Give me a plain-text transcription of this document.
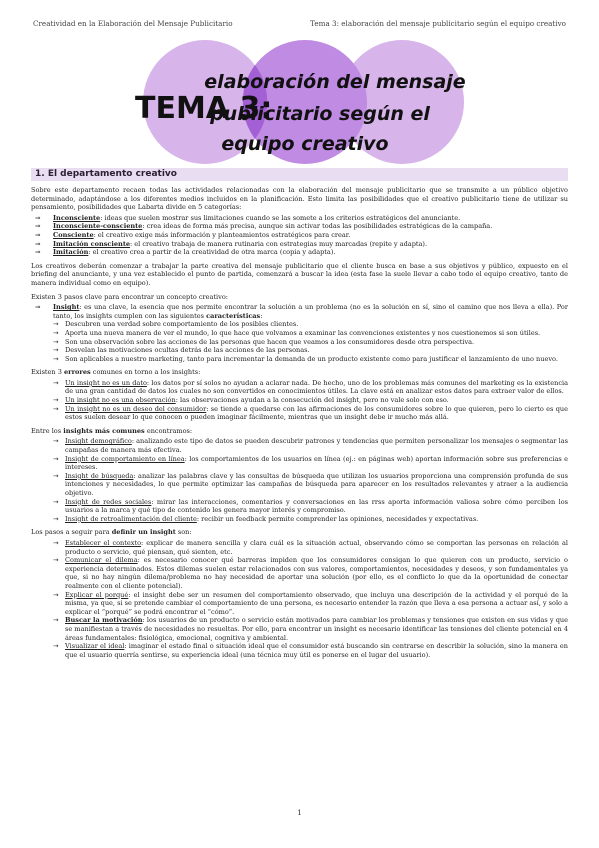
Creatividad en la Elaboración del Mensaje Publicitario	Tema 3: elaboración del mensaje publicitario según el equipo creativo
TEMA 3:
elaboración del mensaje
publicitario según el
equipo creativo
1. El departamento creativo

Sobre este departamento recaen todas las actividades relacionadas con la elaboración del mensaje publicitario que se transmite a un público objetivo determinado, adaptándose a los diferentes medios incluidos en la planificación. Esto limita las posibilidades que el creativo publicitario tiene de utilizar su pensamiento, posibilidades que Labarta divide en 5 categorías:

⇒ Inconsciente: ideas que suelen mostrar sus limitaciones cuando se las somete a los criterios estratégicos del anunciante.
⇒ Inconsciente-consciente: crea ideas de forma más precisa, aunque sin activar todas las posibilidades estratégicas de la campaña.
⇒ Consciente: el creativo exige más información y planteamientos estratégicos para crear.
⇒ Imitación consciente: el creativo trabaja de manera rutinaria con estrategias muy marcadas (repite y adapta).
⇒ Imitación: el creativo crea a partir de la creatividad de otra marca (copia y adapta).

Los creativos deberán comenzar a trabajar la parte creativa del mensaje publicitario que el cliente busca en base a sus objetivos y público, expuesto en el briefing del anunciante, y una vez establecido el punto de partida, comenzará a buscar la idea (esta fase la suele llevar a cabo todo el equipo creativo, tanto de manera individual como en equipo).

Existen 3 pasos clave para encontrar un concepto creativo:

⇒ Insight: es una clave, la esencia que nos permite encontrar la solución a un problema (no es la solución en sí, sino el camino que nos lleva a ella). Por tanto, los insights cumplen con las siguientes características:
→ Descubren una verdad sobre comportamiento de los posibles clientes.
→ Aporta una nueva manera de ver el mundo, lo que hace que volvamos a examinar las convenciones existentes y nos cuestionemos si son útiles.
→ Son una observación sobre las acciones de las personas que hacen que veamos a los consumidores desde otra perspectiva.
→ Desvelan las motivaciones ocultas detrás de las acciones de las personas.
→ Son aplicables a nuestro marketing, tanto para incrementar la demanda de un producto existente como para justificar el lanzamiento de uno nuevo.

Existen 3 errores comunes en torno a los insights:

→ Un insight no es un dato: los datos por sí solos no ayudan a aclarar nada. De hecho, uno de los problemas más comunes del marketing es la existencia de una gran cantidad de datos los cuales no son convertidos en conocimientos útiles. La clave está en analizar estos datos para extraer valor de ellos.
→ Un insight no es una observación: las observaciones ayudan a la consecución del insight, pero no vale solo con eso.
→ Un insight no es un deseo del consumidor: se tiende a quedarse con las afirmaciones de los consumidores sobre lo que quieren, pero lo cierto es que estos suelen desear lo que conocen o pueden imaginar fácilmente, mientras que un insight debe ir mucho más allá.

Entre los insights más comunes encontramos:

→ Insight demográfico: analizando este tipo de datos se pueden descubrir patrones y tendencias que permiten personalizar los mensajes o segmentar las campañas de manera más efectiva.
→ Insight de comportamiento en línea: los comportamientos de los usuarios en línea (ej.: en páginas web) aportan información sobre sus preferencias e intereses.
→ Insight de búsqueda: analizar las palabras clave y las consultas de búsqueda que utilizan los usuarios proporciona una comprensión profunda de sus intenciones y necesidades, lo que permite optimizar las campañas de búsqueda para aparecer en los resultados relevantes y atraer a la audiencia objetivo.
→ Insight de redes sociales: mirar las interacciones, comentarios y conversaciones en las rrss aporta información valiosa sobre cómo perciben los usuarios a la marca y qué tipo de contenido les genera mayor interés y compromiso.
→ Insight de retroalimentación del cliente: recibir un feedback permite comprender las opiniones, necesidades y expectativas.

Los pasos a seguir para definir un insight son:

→ Establecer el contexto: explicar de manera sencilla y clara cuál es la situación actual, observando cómo se comportan las personas en relación al producto o servicio, qué piensan, qué sienten, etc.
→ Comunicar el dilema: es necesario conocer qué barreras impiden que los consumidores consigan lo que quieren con un producto, servicio o experiencia determinados. Estos dilemas suelen estar relacionados con sus valores, comportamientos, necesidades y deseos, y son fundamentales ya que, si no hay ningún dilema/problema no hay necesidad de aportar una solución (por ello, es el conflicto lo que da la oportunidad de conectar realmente con el cliente potencial).
→ Explicar el porqué: el insight debe ser un resumen del comportamiento observado, que incluya una descripción de la actividad y el porqué de la misma, ya que, si se pretende cambiar el comportamiento de una persona, es necesario entender la razón que lleva a esa persona a actuar así, y solo a explicar el “porqué” se podrá encontrar el “cómo”.
→ Buscar la motivación: los usuarios de un producto o servicio están motivados para cambiar los problemas y tensiones que existen en sus vidas y que se manifiestan a través de necesidades no resueltas. Por ello, para encontrar un insight es necesario identificar las tensiones del cliente potencial en 4 áreas fundamentales: fisiológica, emocional, cognitiva y ambiental.
→ Visualizar el ideal: imaginar el estado final o situación ideal que el consumidor está buscando sin centrarse en describir la solución, sino la manera en que el usuario querría sentirse, su experiencia ideal (una técnica muy útil es ponerse en el lugar del usuario).
1
